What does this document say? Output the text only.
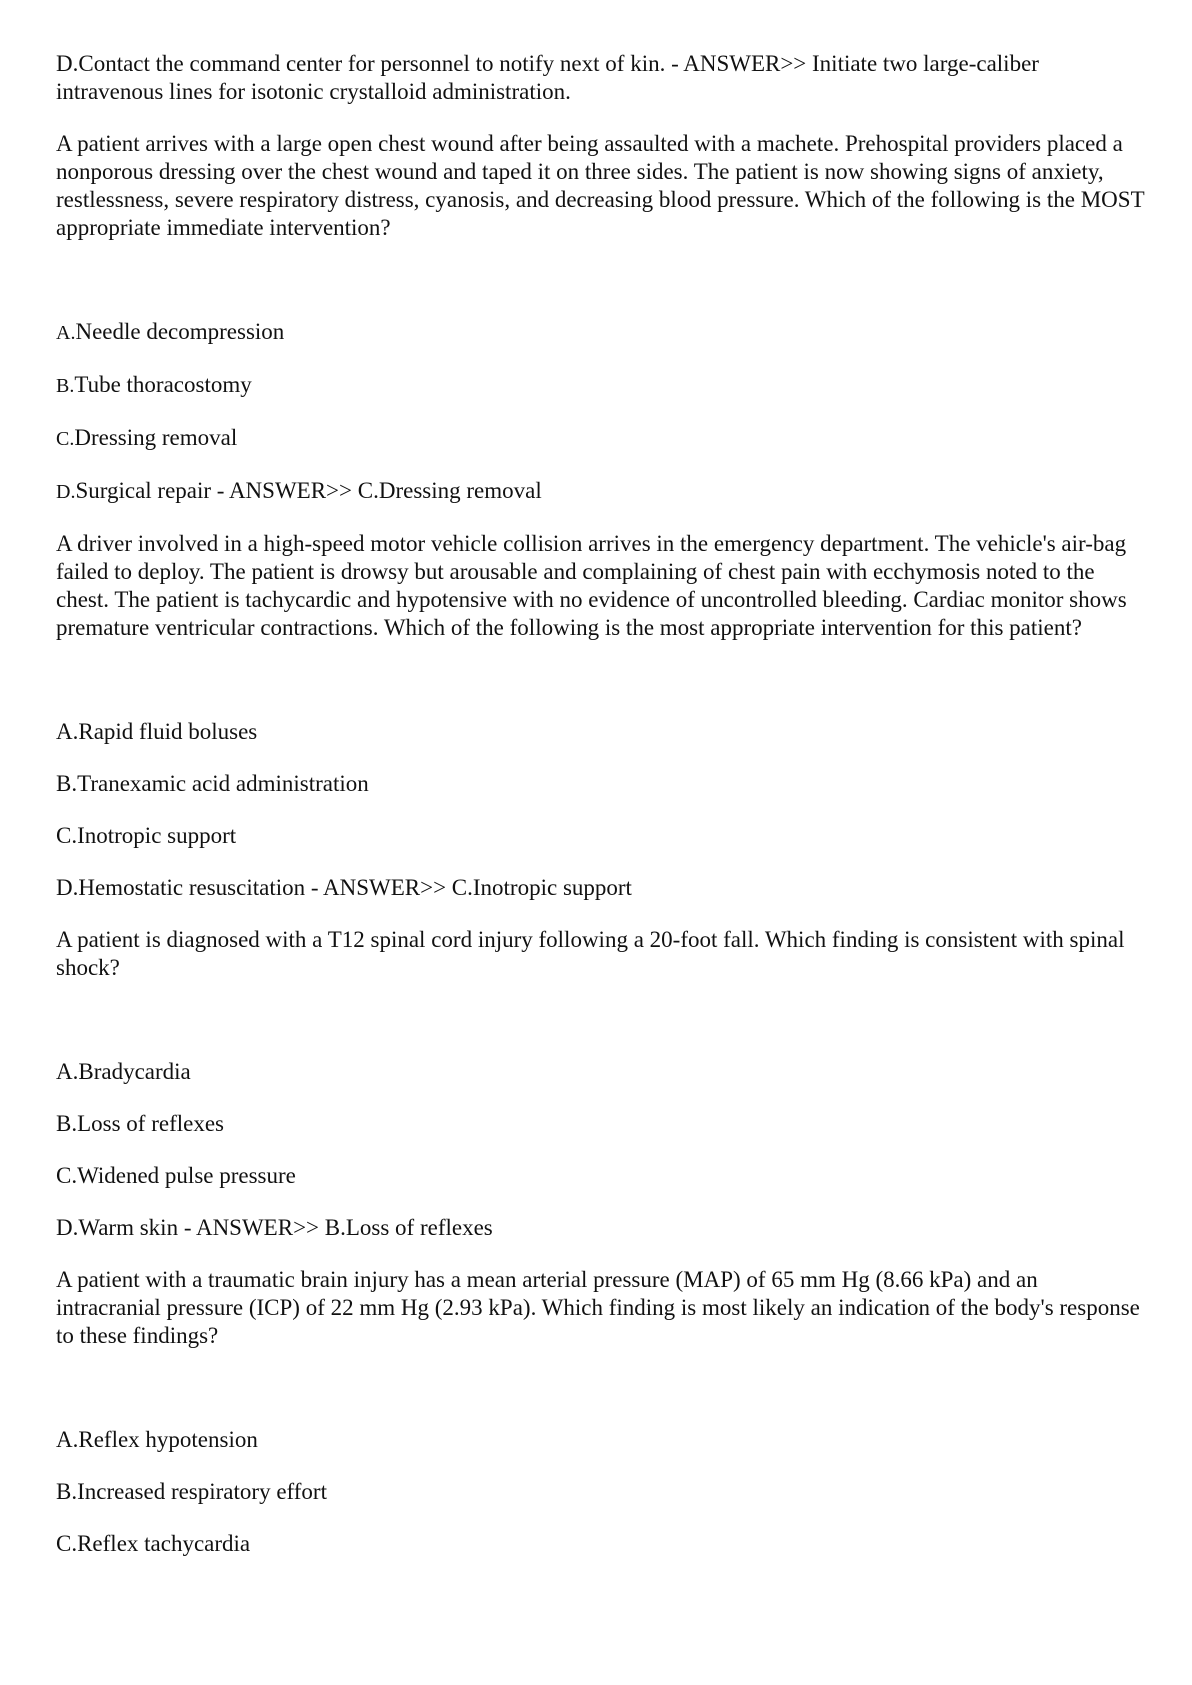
D.Contact the command center for personnel to notify next of kin. - ANSWER>> Initiate two large-caliber intravenous lines for isotonic crystalloid administration.

A patient arrives with a large open chest wound after being assaulted with a machete. Prehospital providers placed a nonporous dressing over the chest wound and taped it on three sides. The patient is now showing signs of anxiety, restlessness, severe respiratory distress, cyanosis, and decreasing blood pressure. Which of the following is the MOST appropriate immediate intervention?

A.Needle decompression

B.Tube thoracostomy

C.Dressing removal

D.Surgical repair - ANSWER>> C.Dressing removal

A driver involved in a high-speed motor vehicle collision arrives in the emergency department. The vehicle's air-bag failed to deploy. The patient is drowsy but arousable and complaining of chest pain with ecchymosis noted to the chest. The patient is tachycardic and hypotensive with no evidence of uncontrolled bleeding. Cardiac monitor shows premature ventricular contractions. Which of the following is the most appropriate intervention for this patient?

A.Rapid fluid boluses

B.Tranexamic acid administration

C.Inotropic support

D.Hemostatic resuscitation - ANSWER>> C.Inotropic support

A patient is diagnosed with a T12 spinal cord injury following a 20-foot fall. Which finding is consistent with spinal shock?

A.Bradycardia

B.Loss of reflexes

C.Widened pulse pressure

D.Warm skin - ANSWER>> B.Loss of reflexes

A patient with a traumatic brain injury has a mean arterial pressure (MAP) of 65 mm Hg (8.66 kPa) and an intracranial pressure (ICP) of 22 mm Hg (2.93 kPa). Which finding is most likely an indication of the body's response to these findings?

A.Reflex hypotension

B.Increased respiratory effort

C.Reflex tachycardia
